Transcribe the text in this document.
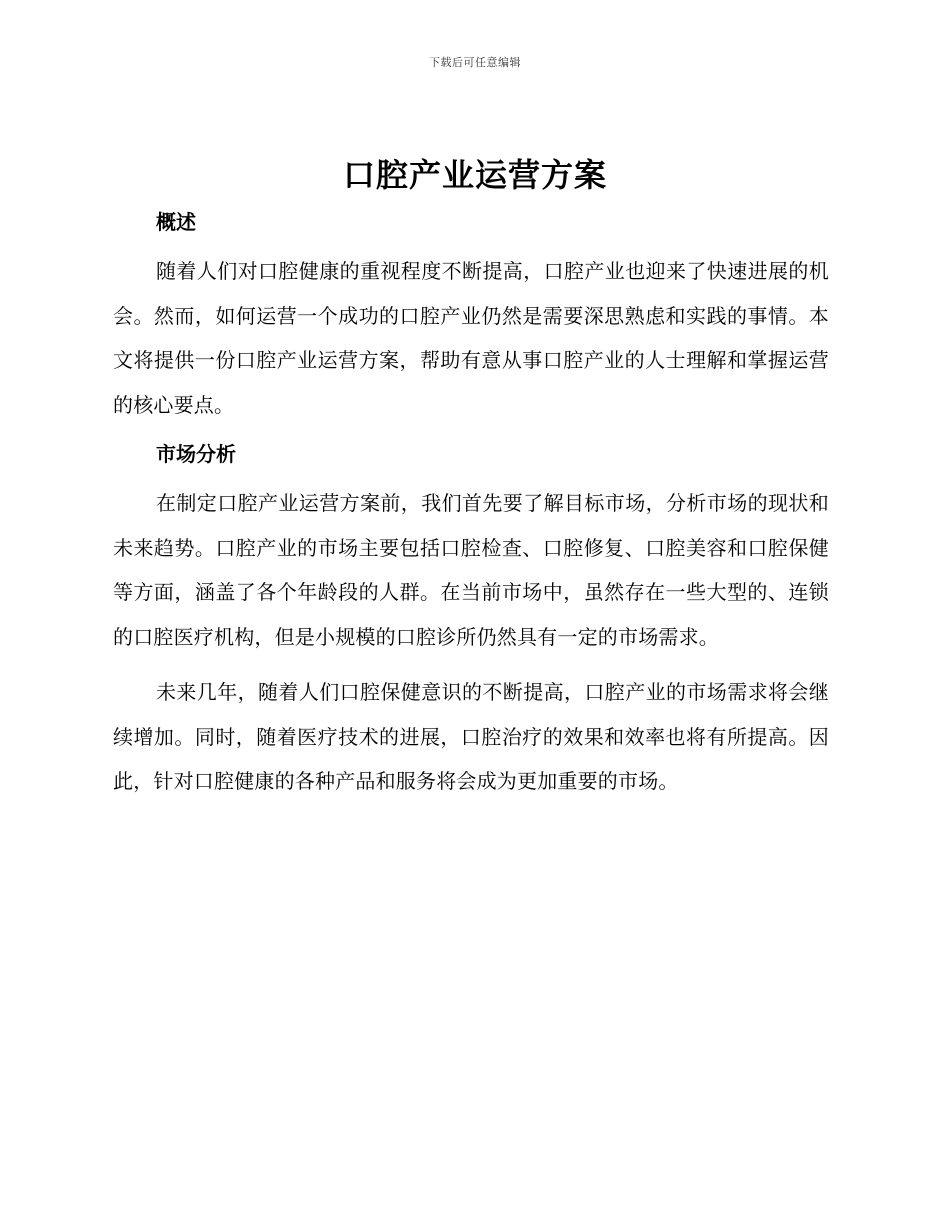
下载后可任意编辑
口腔产业运营方案
概述

随着人们对口腔健康的重视程度不断提高，口腔产业也迎来了快速进展的机会。然而，如何运营一个成功的口腔产业仍然是需要深思熟虑和实践的事情。本文将提供一份口腔产业运营方案，帮助有意从事口腔产业的人士理解和掌握运营的核心要点。

市场分析

在制定口腔产业运营方案前，我们首先要了解目标市场，分析市场的现状和未来趋势。口腔产业的市场主要包括口腔检查、口腔修复、口腔美容和口腔保健等方面，涵盖了各个年龄段的人群。在当前市场中，虽然存在一些大型的、连锁的口腔医疗机构，但是小规模的口腔诊所仍然具有一定的市场需求。

未来几年，随着人们口腔保健意识的不断提高，口腔产业的市场需求将会继续增加。同时，随着医疗技术的进展，口腔治疗的效果和效率也将有所提高。因此，针对口腔健康的各种产品和服务将会成为更加重要的市场。
